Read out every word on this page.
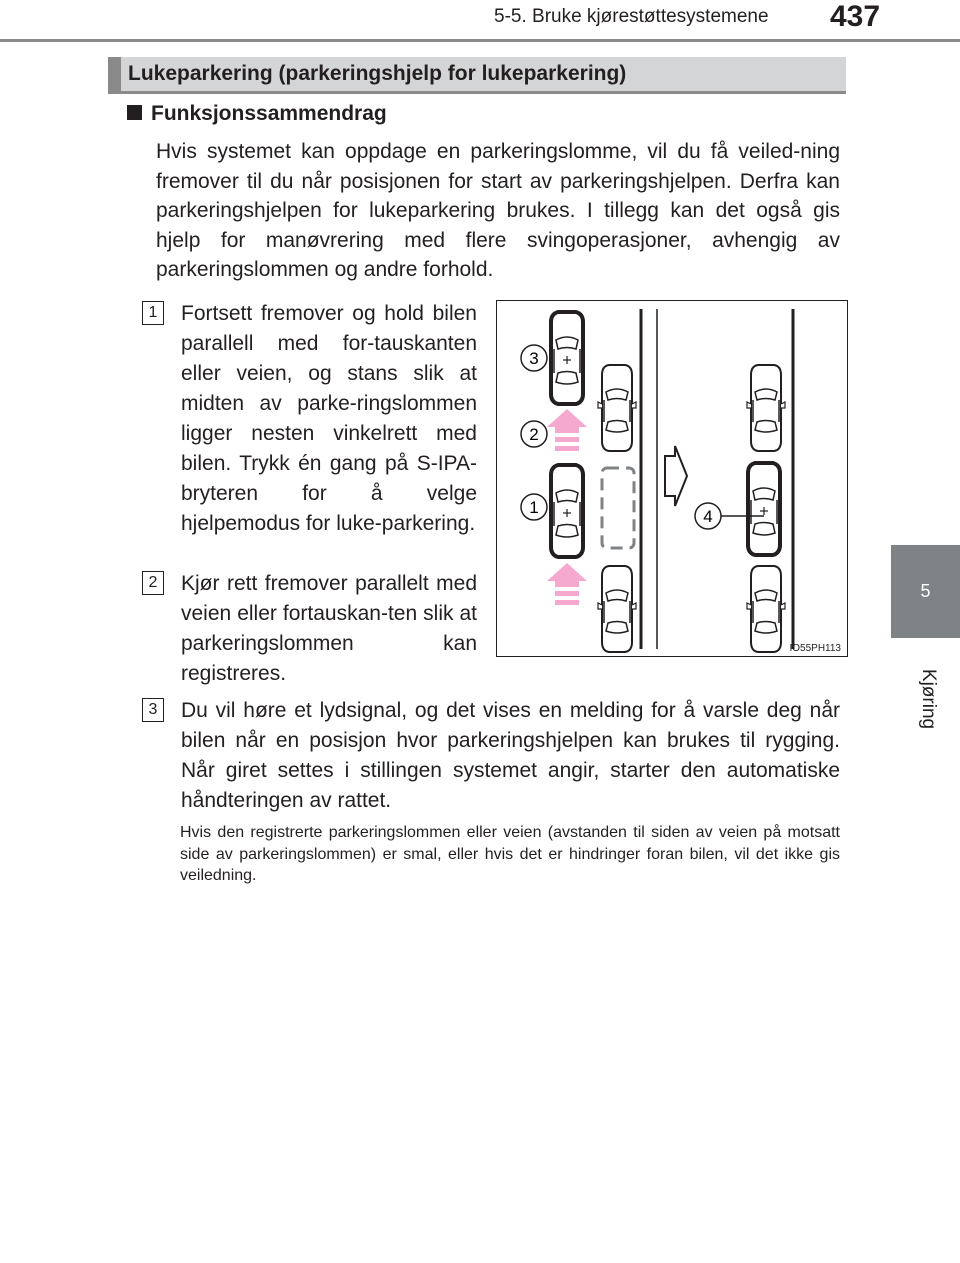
5-5. Bruke kjørestøttesystemene 437
5
Kjøring
Lukeparkering (parkeringshjelp for lukeparkering)
Funksjonssammendrag
Hvis systemet kan oppdage en parkeringslomme, vil du få veiled-ning fremover til du når posisjonen for start av parkeringshjelpen. Derfra kan parkeringshjelpen for lukeparkering brukes. I tillegg kan det også gis hjelp for manøvrering med flere svingoperasjoner, avhengig av parkeringslommen og andre forhold.
1	Fortsett fremover og hold bilen parallell med for-tauskanten eller veien, og stans slik at midten av parke-ringslommen ligger nesten vinkelrett med bilen. Trykk én gang på S-IPA-bryteren for å velge hjelpemodus for luke-parkering.
2	Kjør rett fremover parallelt med veien eller fortauskan-ten slik at parkeringslommen kan registreres.
3	Du vil høre et lydsignal, og det vises en melding for å varsle deg når bilen når en posisjon hvor parkeringshjelpen kan brukes til rygging. Når giret settes i stillingen systemet angir, starter den automatiske håndteringen av rattet.
Hvis den registrerte parkeringslommen eller veien (avstanden til siden av veien på motsatt side av parkeringslommen) er smal, eller hvis det er hindringer foran bilen, vil det ikke gis veiledning.
3
2
1	4
IO55PH113
